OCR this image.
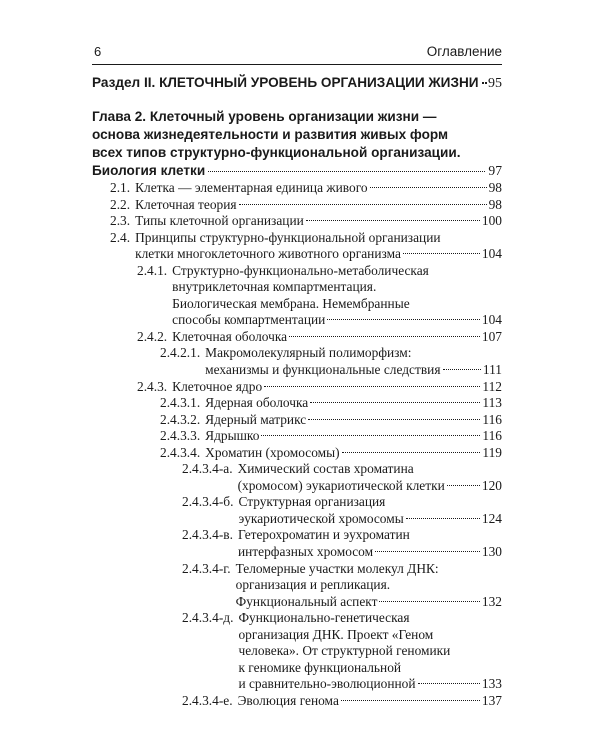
6	Оглавление
Раздел II. КЛЕТОЧНЫЙ УРОВЕНЬ ОРГАНИЗАЦИИ ЖИЗНИ 95
Глава 2. Клеточный уровень организации жизни —
основа жизнедеятельности и развития живых форм
всех типов структурно-функциональной организации.
Биология клетки	97
2.1. Клетка — элементарная единица живого	98
2.2. Клеточная теория	98
2.3. Типы клеточной организации	100
2.4. Принципы структурно-функциональной организации
клетки многоклеточного животного организма	104
2.4.1. Структурно-функционально-метаболическая
внутриклеточная компартментация.
Биологическая мембрана. Немембранные
способы компартментации	104
2.4.2. Клеточная оболочка	107
2.4.2.1. Макромолекулярный полиморфизм:
механизмы и функциональные следствия	111
2.4.3. Клеточное ядро	112
2.4.3.1. Ядерная оболочка	113
2.4.3.2. Ядерный матрикс	116
2.4.3.3. Ядрышко	116
2.4.3.4. Хроматин (хромосомы)	119
2.4.3.4-а. Химический состав хроматина
(хромосом) эукариотической клетки	120
2.4.3.4-б. Структурная организация
эукариотической хромосомы	124
2.4.3.4-в. Гетерохроматин и эухроматин
интерфазных хромосом	130
2.4.3.4-г. Теломерные участки молекул ДНК:
организация и репликация.
Функциональный аспект	132
2.4.3.4-д. Функционально-генетическая
организация ДНК. Проект «Геном
человека». От структурной геномики
к геномике функциональной
и сравнительно-эволюционной	133
2.4.3.4-е. Эволюция генома	137
